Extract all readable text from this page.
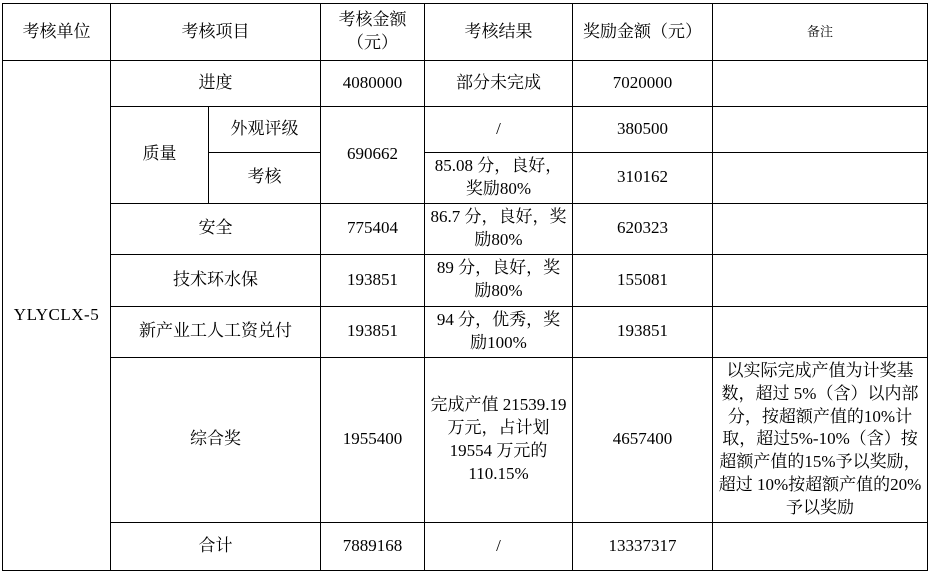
考核单位	考核项目		考核金额（元）	考核结果	奖励金额（元）	备注
YLYCLX-5	进度		4080000	部分未完成	7020000	
	质量	外观评级	690662	/	380500	
		考核		85.08 分，良好，奖励80%	310162	
	安全		775404	86.7 分，良好，奖励80%	620323	
	技术环水保		193851	89 分，良好，奖励80%	155081	
	新产业工人工资兑付		193851	94 分，优秀，奖励100%	193851	
	综合奖		1955400	完成产值 21539.19 万元，占计划 19554 万元的110.15%	4657400	以实际完成产值为计奖基数，超过 5%（含）以内部分，按超额产值的10%计取，超过5%-10%（含）按超额产值的15%予以奖励，超过 10%按超额产值的20%予以奖励
	合计		7889168	/	13337317	
